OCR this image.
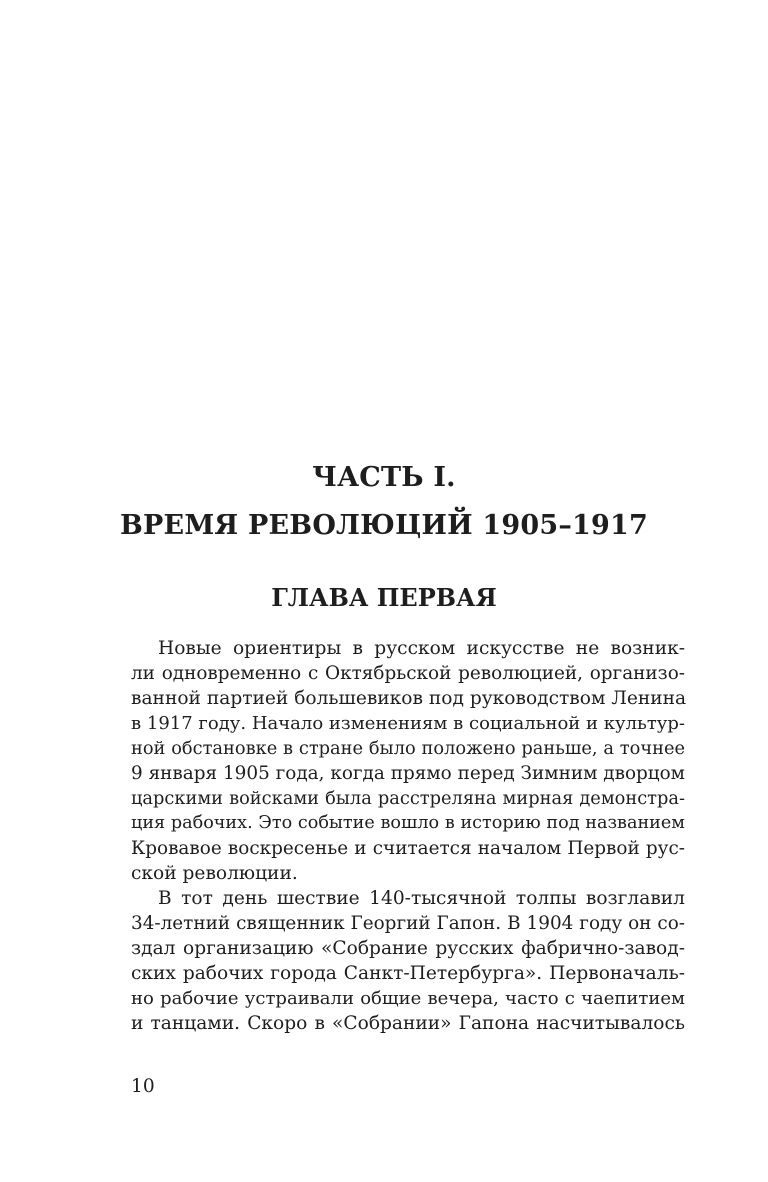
ЧАСТЬ I.
ВРЕМЯ РЕВОЛЮЦИЙ 1905–1917
ГЛАВА ПЕРВАЯ
Новые ориентиры в русском искусстве не возник-
ли одновременно с Октябрьской революцией, организо-
ванной партией большевиков под руководством Ленина
в 1917 году. Начало изменениям в социальной и культур-
ной обстановке в стране было положено раньше, а точнее
9 января 1905 года, когда прямо перед Зимним дворцом
царскими войсками была расстреляна мирная демонстра-
ция рабочих. Это событие вошло в историю под названием
Кровавое воскресенье и считается началом Первой рус-
ской революции.
В тот день шествие 140-тысячной толпы возглавил
34-летний священник Георгий Гапон. В 1904 году он со-
здал организацию «Собрание русских фабрично-завод-
ских рабочих города Санкт-Петербурга». Первоначаль-
но рабочие устраивали общие вечера, часто с чаепитием
и танцами. Скоро в «Собрании» Гапона насчитывалось
10
